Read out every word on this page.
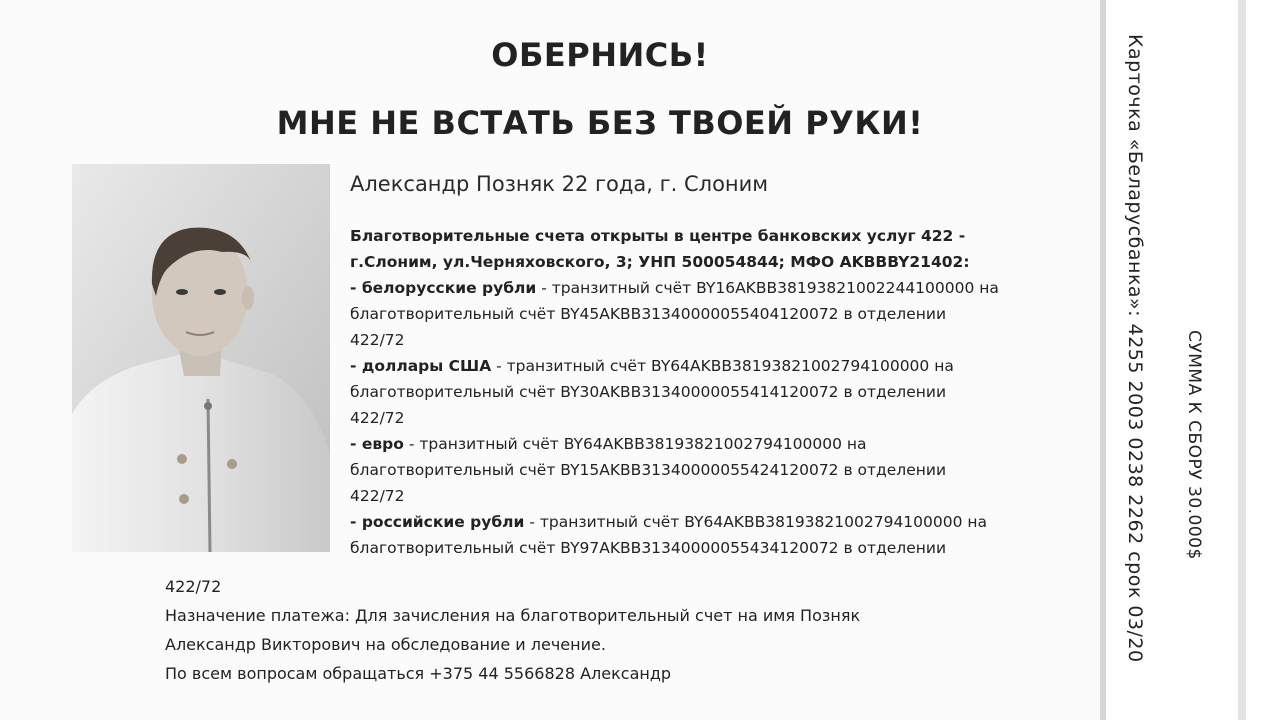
ОБЕРНИСЬ!
МНЕ НЕ ВСТАТЬ БЕЗ ТВОЕЙ РУКИ!
Александр Позняк 22 года, г. Слоним
Благотворительные счета открыты в центре банковских услуг 422 -
г.Слоним, ул.Черняховского, 3; УНП 500054844; МФО AKBBBY21402:
- белорусские рубли - транзитный счёт BY16AKBB38193821002244100000 на
благотворительный счёт BY45AKBB31340000055404120072 в отделении
422/72
- доллары США - транзитный счёт BY64AKBB38193821002794100000 на
благотворительный счёт BY30AKBB31340000055414120072 в отделении
422/72
- евро - транзитный счёт BY64AKBB38193821002794100000 на
благотворительный счёт BY15AKBB31340000055424120072 в отделении
422/72
- российские рубли - транзитный счёт BY64AKBB38193821002794100000 на
благотворительный счёт BY97AKBB31340000055434120072 в отделении
422/72
Назначение платежа: Для зачисления на благотворительный счет на имя Позняк
Александр Викторович на обследование и лечение.
По всем вопросам обращаться +375 44 5566828 Александр
Карточка «Беларусбанка»: 4255 2003 0238 2262 срок 03/20 СУММА К СБОРУ 30.000$
